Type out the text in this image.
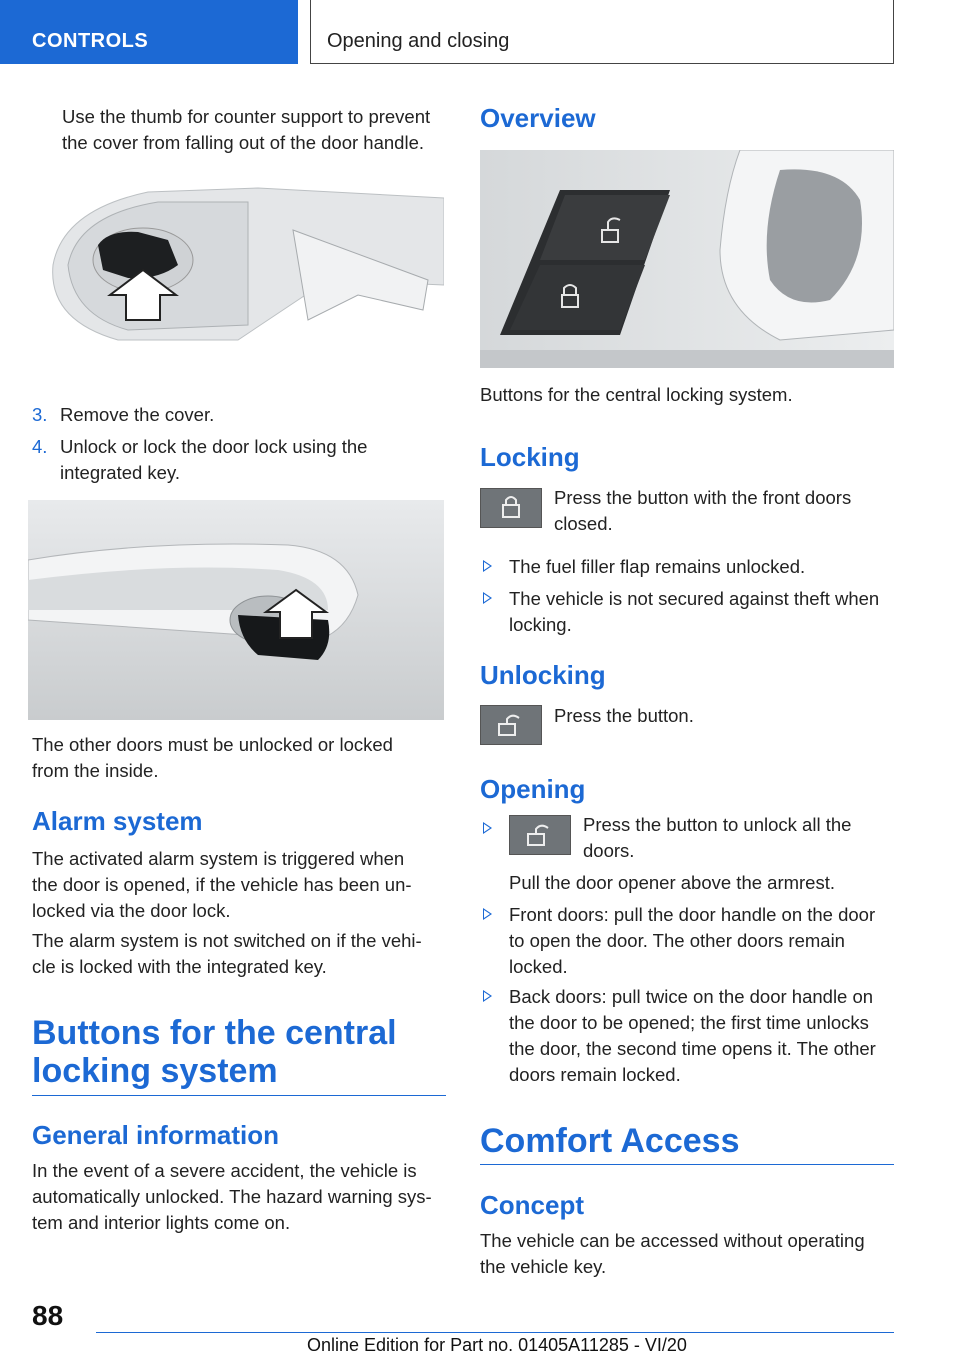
CONTROLS	Opening and closing
Use the thumb for counter support to prevent
the cover from falling out of the door handle.
3. Remove the cover.
4. Unlock or lock the door lock using the
integrated key.
The other doors must be unlocked or locked
from the inside.
Alarm system
The activated alarm system is triggered when
the door is opened, if the vehicle has been un-
locked via the door lock.
The alarm system is not switched on if the vehi-
cle is locked with the integrated key.
Buttons for the central
locking system
General information
In the event of a severe accident, the vehicle is
automatically unlocked. The hazard warning sys-
tem and interior lights come on.
Overview
Buttons for the central locking system.
Locking
Press the button with the front doors
closed.
The fuel filler flap remains unlocked.
The vehicle is not secured against theft when
locking.
Unlocking
Press the button.
Opening
Press the button to unlock all the
doors.
Pull the door opener above the armrest.
Front doors: pull the door handle on the door
to open the door. The other doors remain
locked.
Back doors: pull twice on the door handle on
the door to be opened; the first time unlocks
the door, the second time opens it. The other
doors remain locked.
Comfort Access
Concept
The vehicle can be accessed without operating
the vehicle key.
88
Online Edition for Part no. 01405A11285 - VI/20
